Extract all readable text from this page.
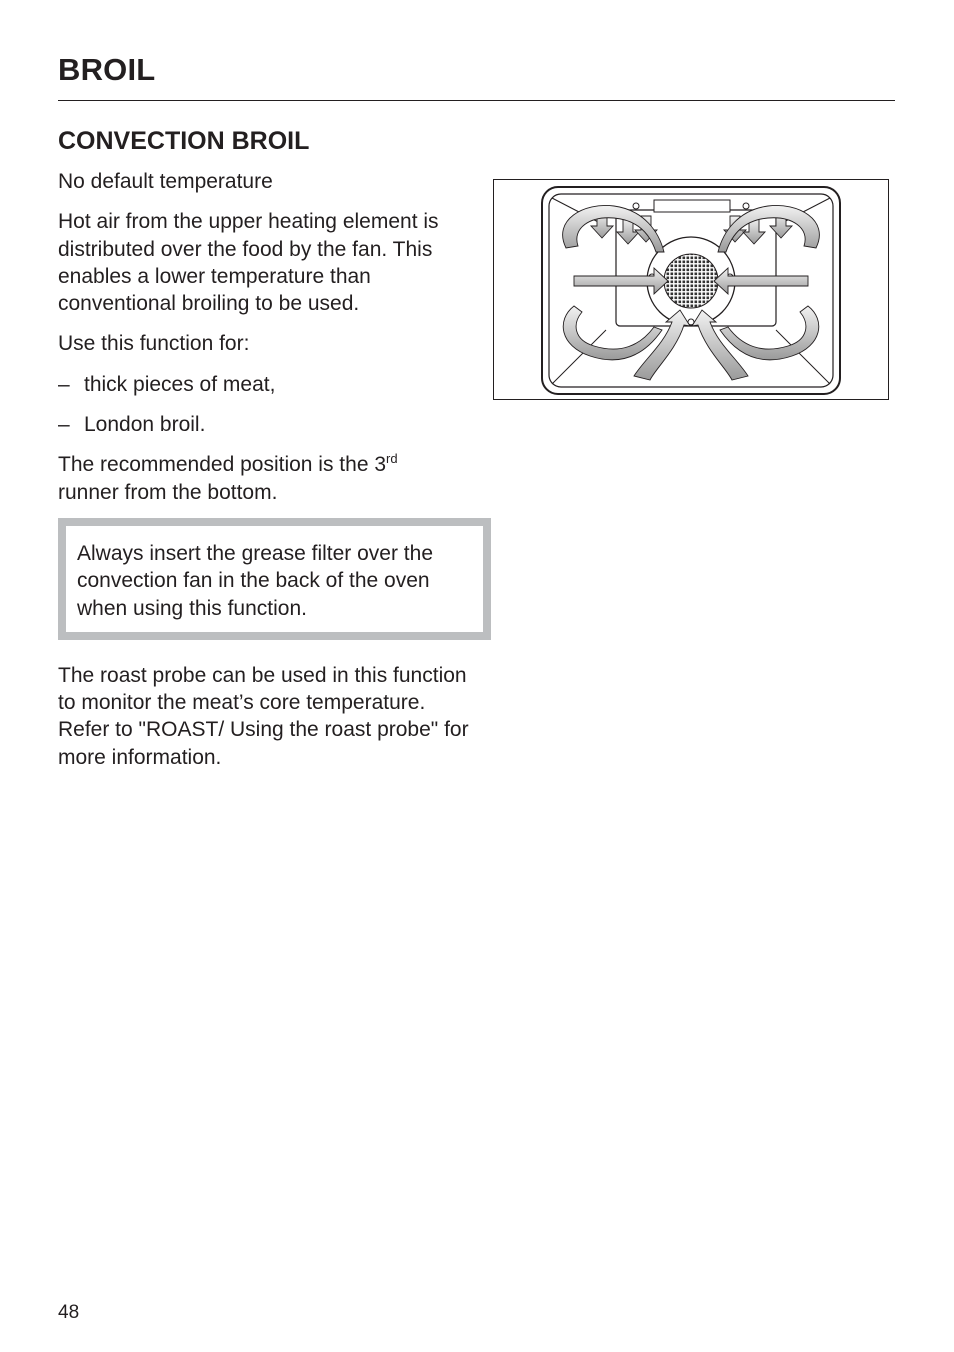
BROIL
CONVECTION BROIL

No default temperature

Hot air from the upper heating element is distributed over the food by the fan. This enables a lower temperature than conventional broiling to be used.

Use this function for:

– thick pieces of meat,
– London broil.

The recommended position is the 3rd
runner from the bottom.

Always insert the grease filter over the convection fan in the back of the oven when using this function.

The roast probe can be used in this function to monitor the meat’s core temperature. Refer to "ROAST/ Using the roast probe" for more information.

48
